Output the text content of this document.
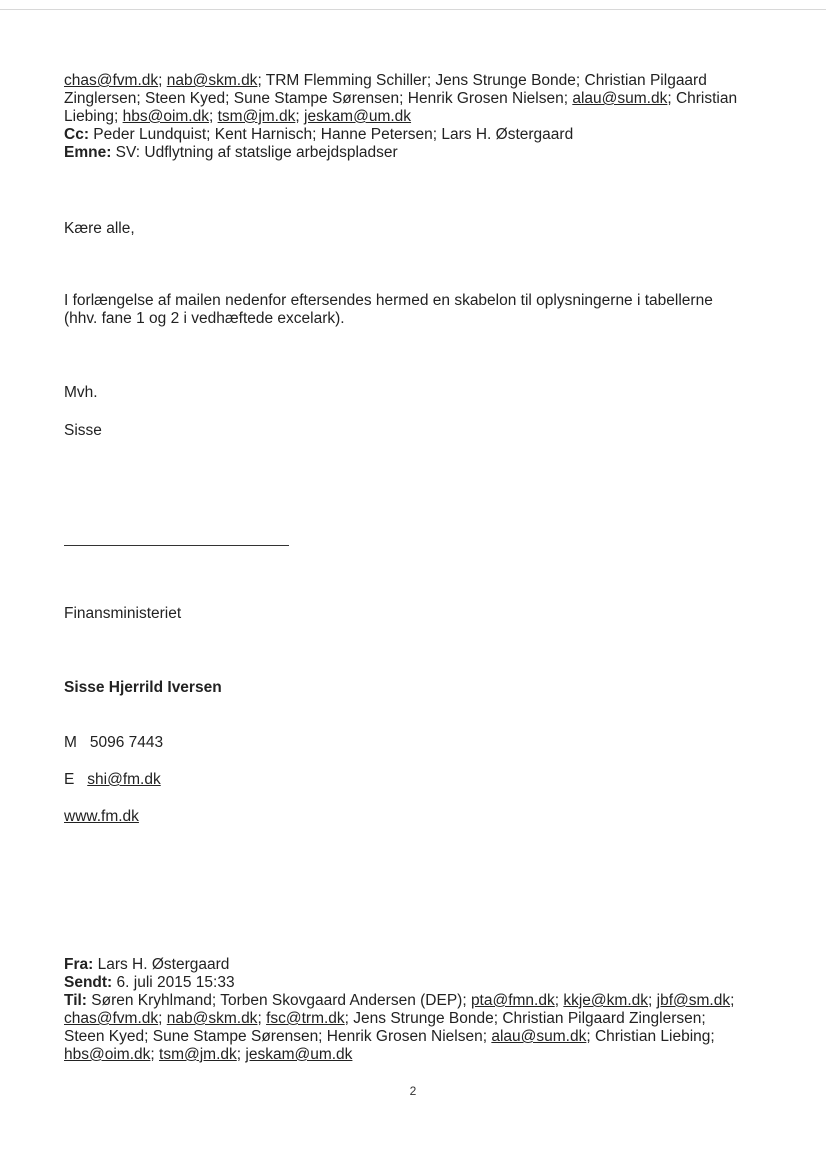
chas@fvm.dk; nab@skm.dk; TRM Flemming Schiller; Jens Strunge Bonde; Christian Pilgaard
Zinglersen; Steen Kyed; Sune Stampe Sørensen; Henrik Grosen Nielsen; alau@sum.dk; Christian
Liebing; hbs@oim.dk; tsm@jm.dk; jeskam@um.dk
Cc: Peder Lundquist; Kent Harnisch; Hanne Petersen; Lars H. Østergaard
Emne: SV: Udflytning af statslige arbejdspladser
Kære alle,
I forlængelse af mailen nedenfor eftersendes hermed en skabelon til oplysningerne i tabellerne
(hhv. fane 1 og 2 i vedhæftede excelark).
Mvh.
Sisse
Finansministeriet
Sisse Hjerrild Iversen
M 5096 7443
E shi@fm.dk
www.fm.dk
Fra: Lars H. Østergaard
Sendt: 6. juli 2015 15:33
Til: Søren Kryhlmand; Torben Skovgaard Andersen (DEP); pta@fmn.dk; kkje@km.dk; jbf@sm.dk;
chas@fvm.dk; nab@skm.dk; fsc@trm.dk; Jens Strunge Bonde; Christian Pilgaard Zinglersen;
Steen Kyed; Sune Stampe Sørensen; Henrik Grosen Nielsen; alau@sum.dk; Christian Liebing;
hbs@oim.dk; tsm@jm.dk; jeskam@um.dk
2
